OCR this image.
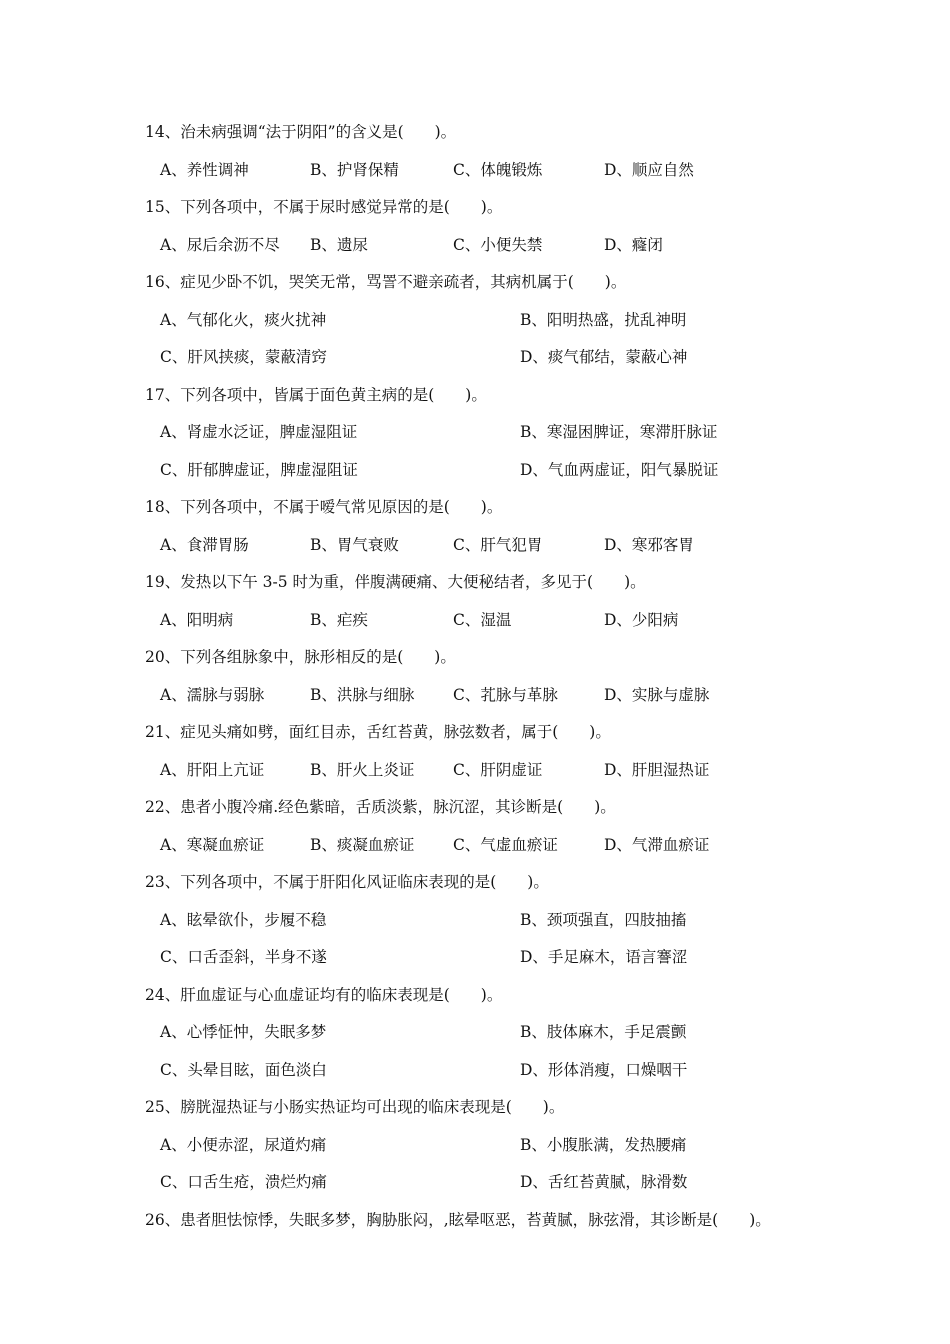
14、治未病强调“法于阴阳”的含义是(　　)。
A、养性调神	B、护肾保精	C、体魄锻炼	D、顺应自然
15、下列各项中，不属于尿时感觉异常的是(　　)。
A、尿后余沥不尽 B、遗尿	C、小便失禁	D、癃闭
16、症见少卧不饥，哭笑无常，骂詈不避亲疏者，其病机属于(　　)。
A、气郁化火，痰火扰神	B、阳明热盛，扰乱神明
C、肝风挟痰，蒙蔽清窍	D、痰气郁结，蒙蔽心神
17、下列各项中，皆属于面色黄主病的是(　　)。
A、肾虚水泛证，脾虚湿阻证	B、寒湿困脾证，寒滞肝脉证
C、肝郁脾虚证，脾虚湿阻证	D、气血两虚证，阳气暴脱证
18、下列各项中，不属于嗳气常见原因的是(　　)。
A、食滞胃肠	B、胃气衰败	C、肝气犯胃	D、寒邪客胃
19、发热以下午 3-5 时为重，伴腹满硬痛、大便秘结者，多见于(　　)。
A、阳明病	B、疟疾	C、湿温	D、少阳病
20、下列各组脉象中，脉形相反的是(　　)。
A、濡脉与弱脉	B、洪脉与细脉 C、芤脉与革脉	D、实脉与虚脉
21、症见头痛如劈，面红目赤，舌红苔黄，脉弦数者，属于(　　)。
A、肝阳上亢证	B、肝火上炎证 C、肝阴虚证	D、肝胆湿热证
22、患者小腹冷痛.经色紫暗，舌质淡紫，脉沉涩，其诊断是(　　)。
A、寒凝血瘀证	B、痰凝血瘀证 C、气虚血瘀证	D、气滞血瘀证
23、下列各项中，不属于肝阳化风证临床表现的是(　　)。
A、眩晕欲仆，步履不稳	B、颈项强直，四肢抽搐
C、口舌歪斜，半身不遂	D、手足麻木，语言謇涩
24、肝血虚证与心血虚证均有的临床表现是(　　)。
A、心悸怔忡，失眠多梦	B、肢体麻木，手足震颤
C、头晕目眩，面色淡白	D、形体消瘦，口燥咽干
25、膀胱湿热证与小肠实热证均可出现的临床表现是(　　)。
A、小便赤涩，尿道灼痛	B、小腹胀满，发热腰痛
C、口舌生疮，溃烂灼痛	D、舌红苔黄腻，脉滑数
26、患者胆怯惊悸，失眠多梦，胸胁胀闷，,眩晕呕恶，苔黄腻，脉弦滑，其诊断是(　　)。
